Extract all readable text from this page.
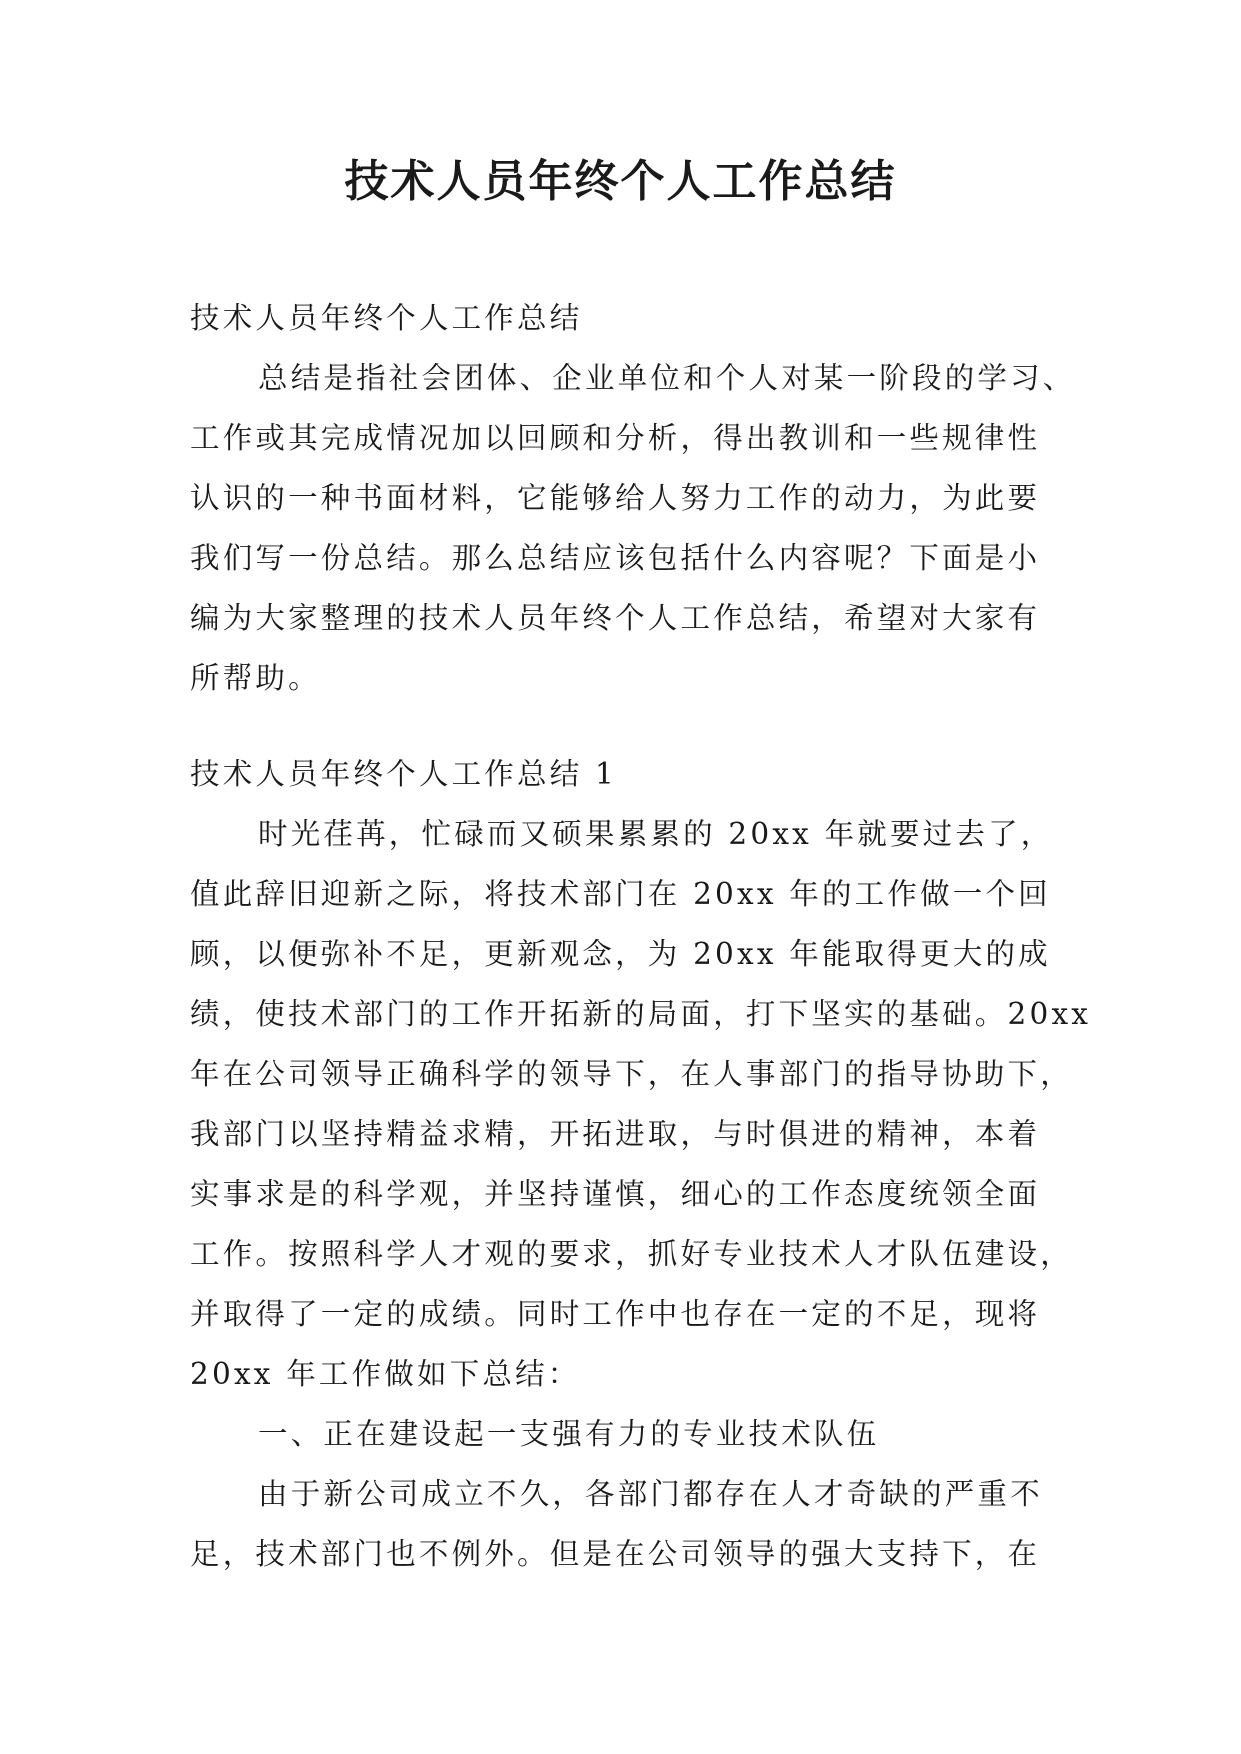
技术人员年终个人工作总结
技术人员年终个人工作总结
总结是指社会团体、企业单位和个人对某一阶段的学习、
工作或其完成情况加以回顾和分析，得出教训和一些规律性
认识的一种书面材料，它能够给人努力工作的动力，为此要
我们写一份总结。那么总结应该包括什么内容呢？下面是小
编为大家整理的技术人员年终个人工作总结，希望对大家有
所帮助。
技术人员年终个人工作总结 1
时光荏苒，忙碌而又硕果累累的 20xx 年就要过去了，
值此辞旧迎新之际，将技术部门在 20xx 年的工作做一个回
顾，以便弥补不足，更新观念，为 20xx 年能取得更大的成
绩，使技术部门的工作开拓新的局面，打下坚实的基础。20xx
年在公司领导正确科学的领导下，在人事部门的指导协助下，
我部门以坚持精益求精，开拓进取，与时俱进的精神，本着
实事求是的科学观，并坚持谨慎，细心的工作态度统领全面
工作。按照科学人才观的要求，抓好专业技术人才队伍建设，
并取得了一定的成绩。同时工作中也存在一定的不足，现将
20xx 年工作做如下总结：
一、正在建设起一支强有力的专业技术队伍
由于新公司成立不久，各部门都存在人才奇缺的严重不
足，技术部门也不例外。但是在公司领导的强大支持下，在
